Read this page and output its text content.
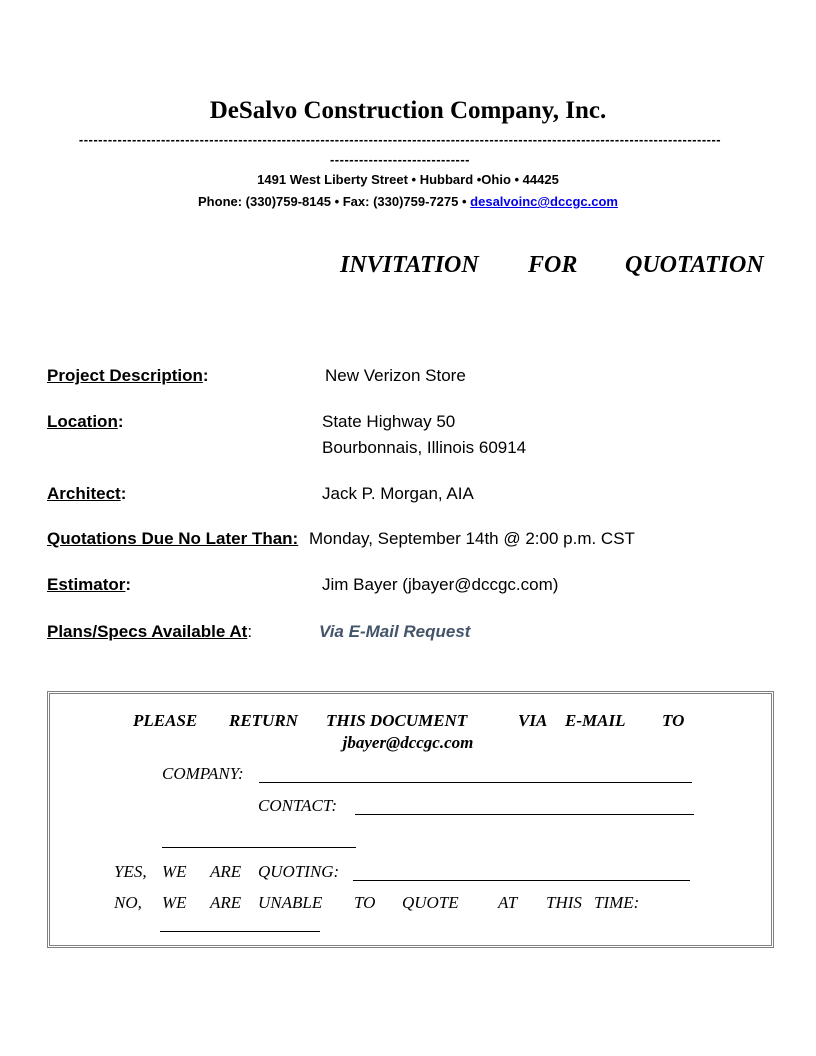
DeSalvo Construction Company, Inc.
-------------------------------------------------------------------------------------------------------------------------------------
-----------------------------
1491 West Liberty Street • Hubbard •Ohio • 44425
Phone: (330)759-8145 • Fax: (330)759-7275 • desalvoinc@dccgc.com
INVITATION FOR QUOTATION
Project Description:	New Verizon Store
Location:	State Highway 50
Bourbonnais, Illinois 60914
Architect:	Jack P. Morgan, AIA
Quotations Due No Later Than: Monday, September 14th @ 2:00 p.m. CST
Estimator:	Jim Bayer (jbayer@dccgc.com)
Plans/Specs Available At:	Via E-Mail Request
PLEASE RETURN THIS DOCUMENT	VIA E-MAIL TO
jbayer@dccgc.com
COMPANY:
CONTACT:
YES, WE ARE QUOTING:
NO, WE ARE UNABLE TO QUOTE AT THIS TIME:
